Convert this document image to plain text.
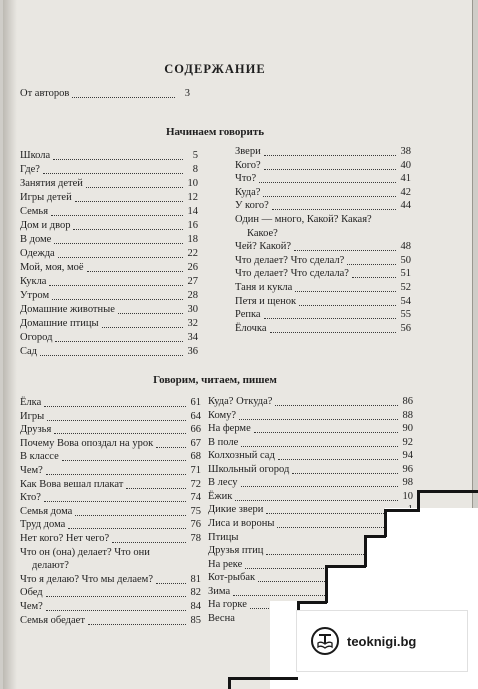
СОДЕРЖАНИЕ
От авторов	3
Начинаем говорить
Говорим, читаем, пишем
Школа	5
Где?	8
Занятия детей	10
Игры детей	12
Семья	14
Дом и двор	16
В доме	18
Одежда	22
Мой, моя, моё	26
Кукла	27
Утром	28
Домашние животные	30
Домашние птицы	32
Огород	34
Сад	36
Звери	38
Кого?	40
Что?	41
Куда?	42
У кого?	44
Один — много, Какой? Какая?
Какое?
Чей? Какой?	48
Что делает? Что сделал?	50
Что делает? Что сделала?	51
Таня и кукла	52
Петя и щенок	54
Репка	55
Ёлочка	56
Ёлка	61
Игры	64
Друзья	66
Почему Вова опоздал на урок	67
В классе	68
Чем?	71
Как Вова вешал плакат	72
Кто?	74
Семья дома	75
Труд дома	76
Нет кого? Нет чего?	78
Что он (она) делает? Что они
делают?
Что я делаю? Что мы делаем?	81
Обед	82
Чем?	84
Семья обедает	85
Куда? Откуда?	86
Кому?	88
На ферме	90
В поле	92
Колхозный сад	94
Школьный огород	96
В лесу	98
Ёжик	10
Дикие звери
Лиса и вороны
Птицы
Друзья птиц
На реке
Кот-рыбак
Зима
На горке
Весна
teoknigi.bg
